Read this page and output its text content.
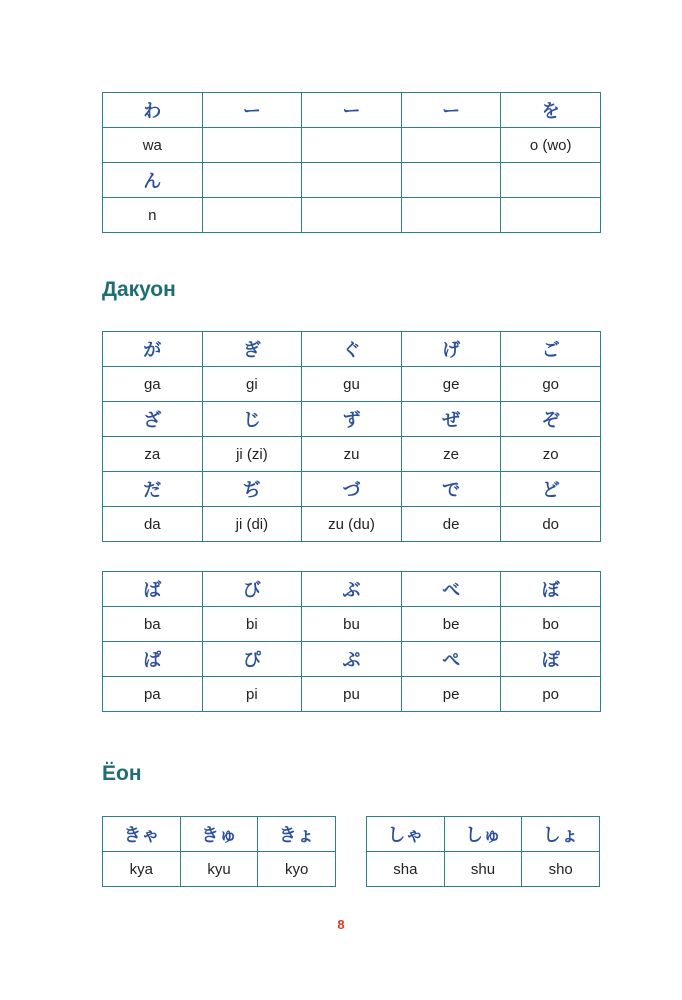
わ	ー	ー	ー	を
wa				o (wo)
ん				
n				
Дакуон
が	ぎ	ぐ	げ	ご
ga	gi	gu	ge	go
ざ	じ	ず	ぜ	ぞ
za	ji (zi)	zu	ze	zo
だ	ぢ	づ	で	ど
da	ji (di)	zu (du)	de	do
ば	び	ぶ	べ	ぼ
ba	bi	bu	be	bo
ぱ	ぴ	ぷ	ぺ	ぽ
pa	pi	pu	pe	po
Ёон
きゃ	きゅ	きょ
kya	kyu	kyo
しゃ	しゅ	しょ
sha	shu	sho
8
